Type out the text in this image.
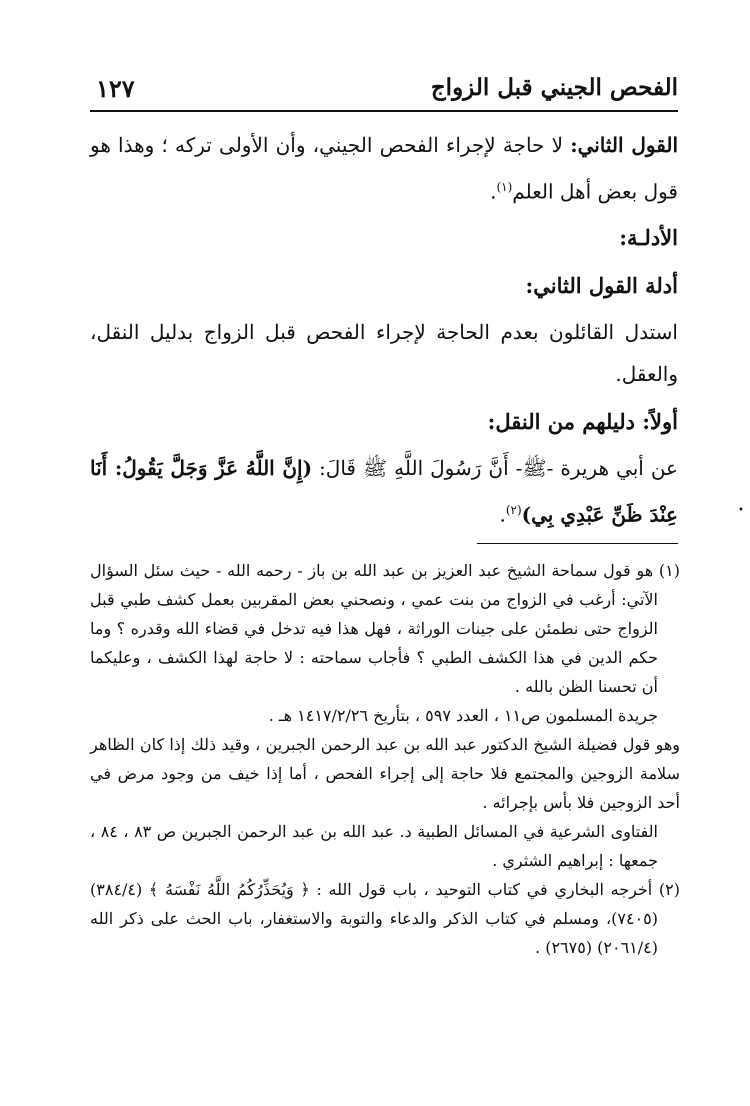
١٢٧	الفحص الجيني قبل الزواج

القول الثاني: لا حاجة لإجراء الفحص الجيني، وأن الأولى تركه ؛ وهذا هو قول بعض أهل العلم$^{(١)}$.

الأدلـة:

أدلة القول الثاني:

استدل القائلون بعدم الحاجة لإجراء الفحص قبل الزواج بدليل النقل، والعقل.

أولاً: دليلهم من النقل:

عن أبي هريرة -ﷺ- أَنَّ رَسُولَ اللَّهِ ﷺ قَالَ: (إِنَّ اللَّهُ عَزَّ وَجَلَّ يَقُولُ: أَنَا عِنْدَ ظَنِّ عَبْدِي بِي)$^{(٢)}$.	•

(١) هو قول سماحة الشيخ عبد العزيز بن عبد الله بن باز - رحمه الله - حيث سئل السؤال الآتي: أرغب في الزواج من بنت عمي ، ونصحني بعض المقربين بعمل كشف طبي قبل الزواج حتى نطمئن على جينات الوراثة ، فهل هذا فيه تدخل في قضاء الله وقدره ؟ وما حكم الدين في هذا الكشف الطبي ؟ فأجاب سماحته : لا حاجة لهذا الكشف ، وعليكما أن تحسنا الظن بالله .

جريدة المسلمون ص١١ ، العدد ٥٩٧ ، بتأريخ ١٤١٧/٢/٢٦ هـ .

وهو قول فضيلة الشيخ الدكتور عبد الله بن عبد الرحمن الجبرين ، وقيد ذلك إذا كان الظاهر سلامة الزوجين والمجتمع فلا حاجة إلى إجراء الفحص ، أما إذا خيف من وجود مرض في أحد الزوجين فلا بأس بإجرائه .

الفتاوى الشرعية في المسائل الطبية د. عبد الله بن عبد الرحمن الجبرين ص ٨٣ ، ٨٤ ، جمعها : إبراهيم الشثري .

(٢) أخرجه البخاري في كتاب التوحيد ، باب قول الله : ﴿ وَيُحَذِّرُكُمُ اللَّهُ نَفْسَهُ ﴾ (٣٨٤/٤) (٧٤٠٥)، ومسلم في كتاب الذكر والدعاء والتوبة والاستغفار، باب الحث على ذكر الله (٢٠٦١/٤) (٢٦٧٥) .
